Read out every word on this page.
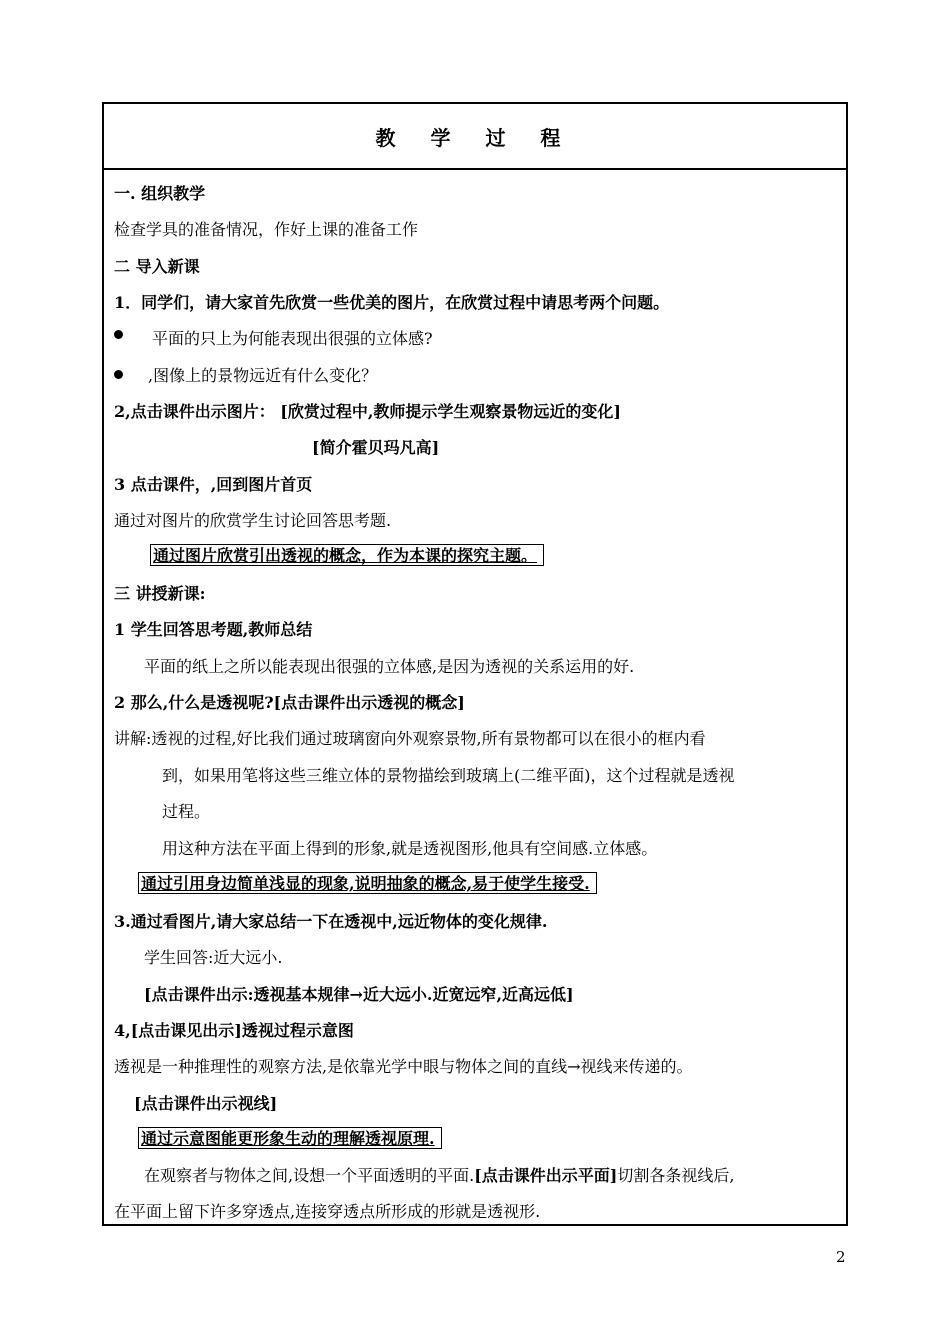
教 学 过 程
一. 组织教学
检查学具的准备情况，作好上课的准备工作
二 导入新课
1．同学们，请大家首先欣赏一些优美的图片，在欣赏过程中请思考两个问题。
平面的只上为何能表现出很强的立体感?
,图像上的景物远近有什么变化？
2,点击课件出示图片： [欣赏过程中,教师提示学生观察景物远近的变化]
[简介霍贝玛凡高]
3 点击课件，,回到图片首页
通过对图片的欣赏学生讨论回答思考题.
通过图片欣赏引出透视的概念，作为本课的探究主题。
三 讲授新课:
1 学生回答思考题,教师总结
平面的纸上之所以能表现出很强的立体感,是因为透视的关系运用的好.
2 那么,什么是透视呢?[点击课件出示透视的概念]
讲解:透视的过程,好比我们通过玻璃窗向外观察景物,所有景物都可以在很小的框内看
到，如果用笔将这些三维立体的景物描绘到玻璃上(二维平面)，这个过程就是透视
过程。
用这种方法在平面上得到的形象,就是透视图形,他具有空间感.立体感。
通过引用身边简单浅显的现象,说明抽象的概念,易于使学生接受.
3.通过看图片,请大家总结一下在透视中,远近物体的变化规律.
学生回答:近大远小.
[点击课件出示:透视基本规律→近大远小.近宽远窄,近高远低]
4,[点击课见出示]透视过程示意图
透视是一种推理性的观察方法,是依靠光学中眼与物体之间的直线→视线来传递的。
[点击课件出示视线]
通过示意图能更形象生动的理解透视原理.
在观察者与物体之间,设想一个平面透明的平面.[点击课件出示平面]切割各条视线后,
在平面上留下许多穿透点,连接穿透点所形成的形就是透视形.
2
